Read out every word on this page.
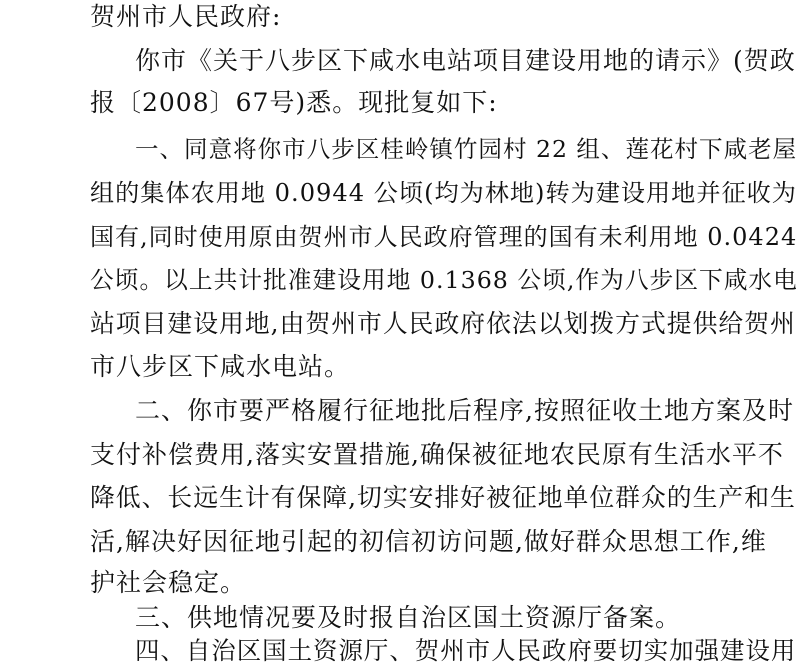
贺州市人民政府:
你市《关于八步区下咸水电站项目建设用地的请示》(贺政
报〔2008〕67号)悉。现批复如下:
一、同意将你市八步区桂岭镇竹园村 22 组、莲花村下咸老屋
组的集体农用地 0.0944 公顷(均为林地)转为建设用地并征收为
国有,同时使用原由贺州市人民政府管理的国有未利用地 0.0424
公顷。以上共计批准建设用地 0.1368 公顷,作为八步区下咸水电
站项目建设用地,由贺州市人民政府依法以划拨方式提供给贺州
市八步区下咸水电站。
二、你市要严格履行征地批后程序,按照征收土地方案及时
支付补偿费用,落实安置措施,确保被征地农民原有生活水平不
降低、长远生计有保障,切实安排好被征地单位群众的生产和生
活,解决好因征地引起的初信初访问题,做好群众思想工作,维
护社会稳定。
三、供地情况要及时报自治区国土资源厅备案。
四、自治区国土资源厅、贺州市人民政府要切实加强建设用
